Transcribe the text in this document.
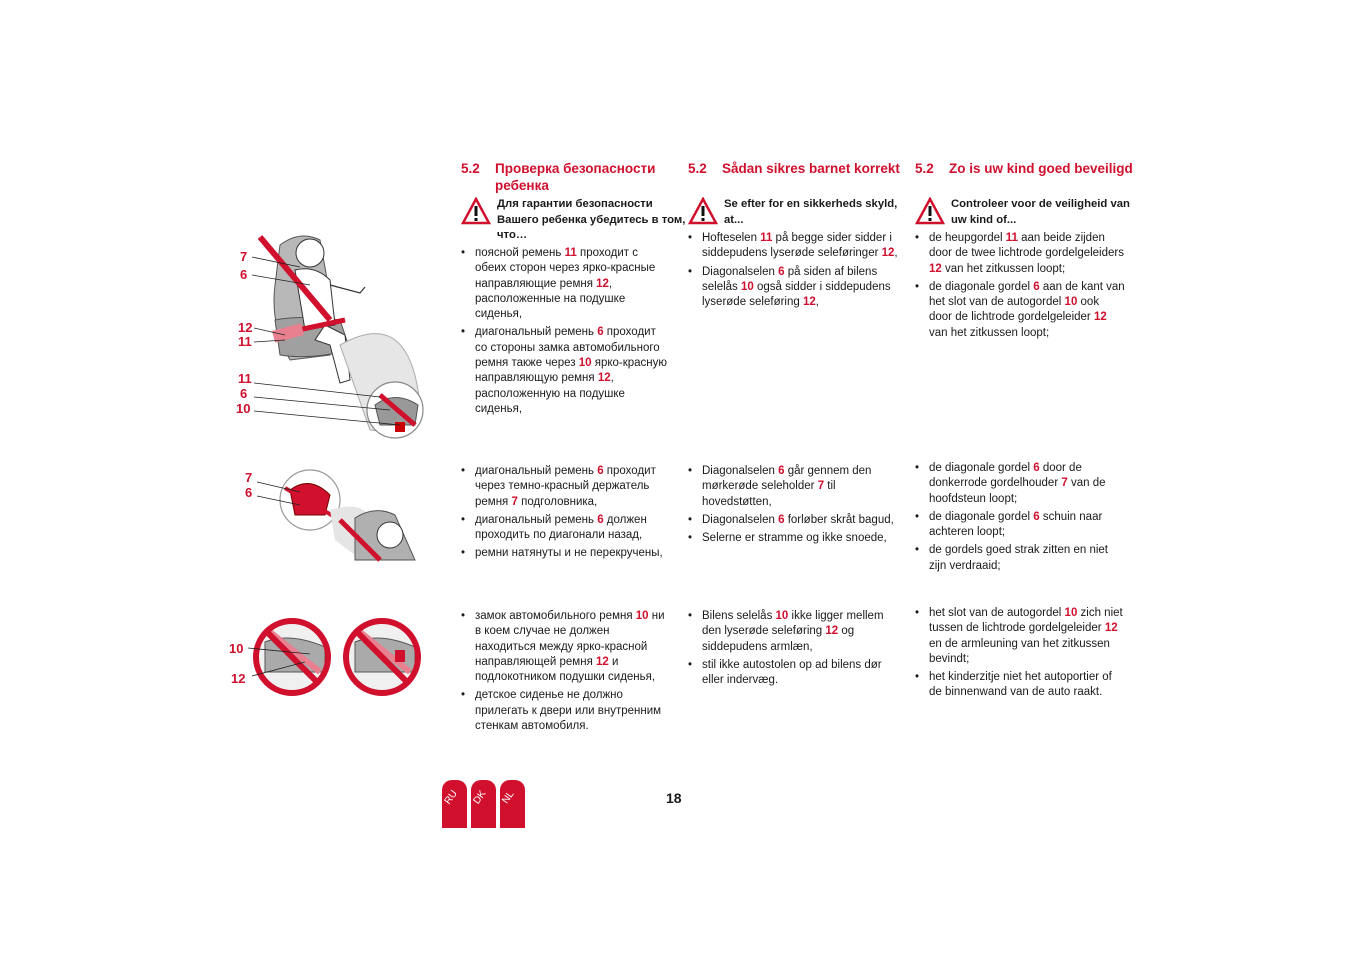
7
6
12
11
11
6
10
7
6
10
12
5.2 Проверка безопасности ребенка
Для гарантии безопасности Вашего ребенка убедитесь в том, что…
• поясной ремень 11 проходит с обеих сторон через ярко-красные направляющие ремня 12, расположенные на подушке сиденья,
• диагональный ремень 6 проходит со стороны замка автомобильного ремня также через 10 ярко-красную направляющую ремня 12, расположенную на подушке сиденья,
• диагональный ремень 6 проходит через темно-красный держатель ремня 7 подголовника,
• диагональный ремень 6 должен проходить по диагонали назад,
• ремни натянуты и не перекручены,
• замок автомобильного ремня 10 ни в коем случае не должен находиться между ярко-красной направляющей ремня 12 и подлокотником подушки сиденья,
• детское сиденье не должно прилегать к двери или внутренним стенкам автомобиля.
5.2 Sådan sikres barnet korrekt
Se efter for en sikkerheds skyld, at...
• Hofteselen 11 på begge sider sidder i siddepudens lyserøde seleføringer 12,
• Diagonalselen 6 på siden af bilens selelås 10 også sidder i siddepudens lyserøde seleføring 12,
• Diagonalselen 6 går gennem den mørkerøde seleholder 7 til hovedstøtten,
• Diagonalselen 6 forløber skråt bagud,
• Selerne er stramme og ikke snoede,
• Bilens selelås 10 ikke ligger mellem den lyserøde seleføring 12 og siddepudens armlæn,
• stil ikke autostolen op ad bilens dør eller indervæg.
5.2 Zo is uw kind goed beveiligd
Controleer voor de veiligheid van uw kind of...
• de heupgordel 11 aan beide zijden door de twee lichtrode gordelgeleiders 12 van het zitkussen loopt;
• de diagonale gordel 6 aan de kant van het slot van de autogordel 10 ook door de lichtrode gordelgeleider 12 van het zitkussen loopt;
• de diagonale gordel 6 door de donkerrode gordelhouder 7 van de hoofdsteun loopt;
• de diagonale gordel 6 schuin naar achteren loopt;
• de gordels goed strak zitten en niet zijn verdraaid;
• het slot van de autogordel 10 zich niet tussen de lichtrode gordelgeleider 12 en de armleuning van het zitkussen bevindt;
• het kinderzitje niet het autoportier of de binnenwand van de auto raakt.
RU DK NL	18
